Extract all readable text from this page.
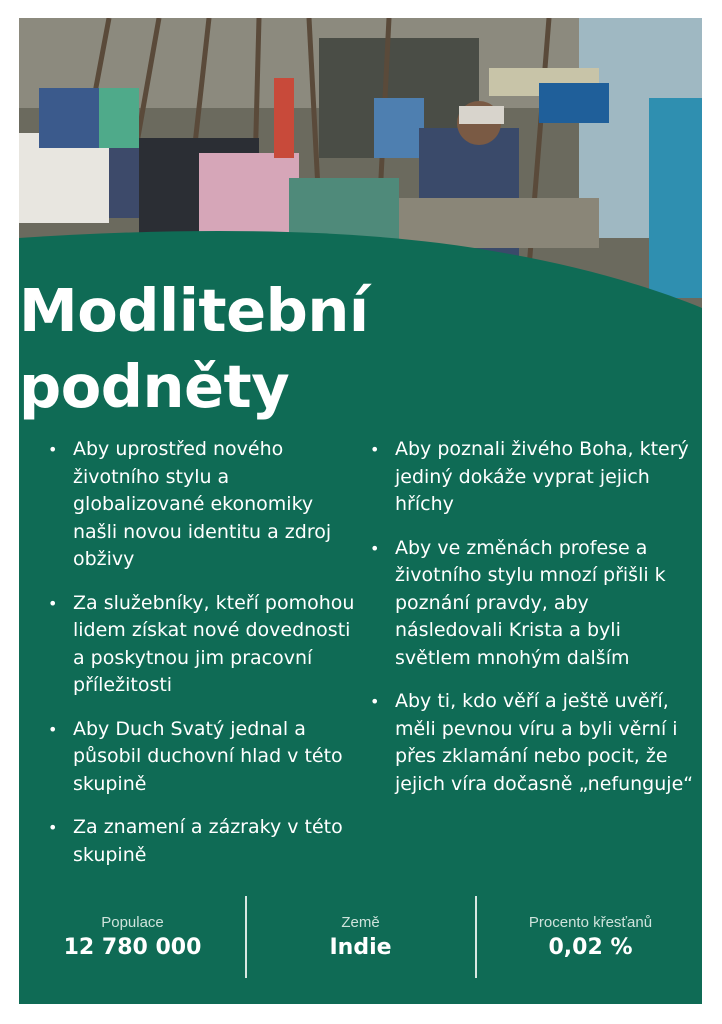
Modlitební
podněty
• Aby uprostřed nového životního stylu a globalizované ekonomiky našli novou identitu a zdroj obživy
• Za služebníky, kteří pomohou lidem získat nové dovednosti a poskytnou jim pracovní příležitosti
• Aby Duch Svatý jednal a působil duchovní hlad v této skupině
• Za znamení a zázraky v této skupině
• Aby poznali živého Boha, který jediný dokáže vyprat jejich hříchy
• Aby ve změnách profese a životního stylu mnozí přišli k poznání pravdy, aby následovali Krista a byli světlem mnohým dalším
• Aby ti, kdo věří a ještě uvěří, měli pevnou víru a byli věrní i přes zklamání nebo pocit, že jejich víra dočasně „nefunguje“
Populace
12 780 000
Země
Indie
Procento křesťanů
0,02 %
